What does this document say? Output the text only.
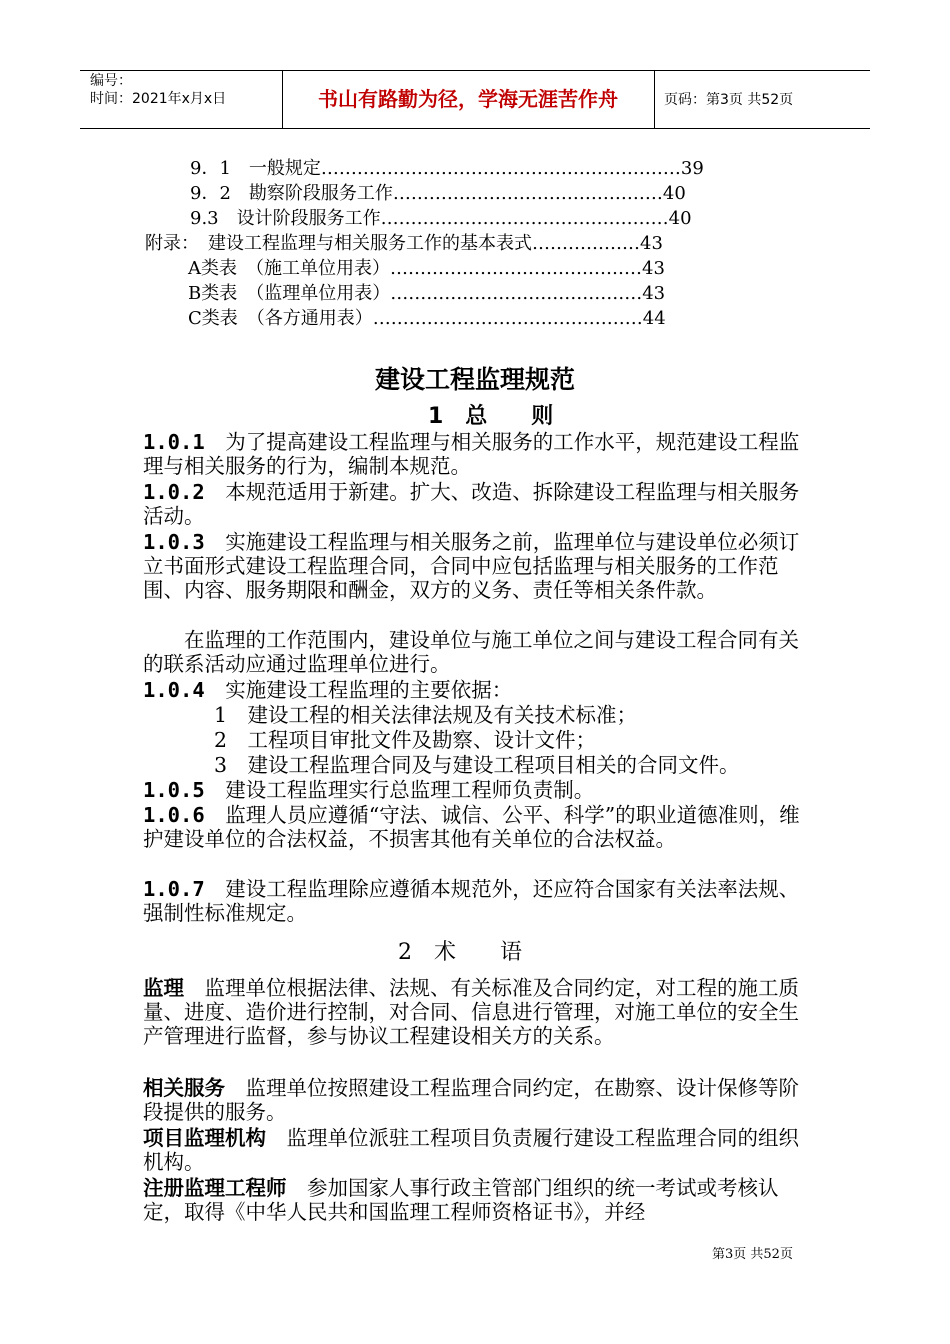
编号：
时间：2021年x月x日	书山有路勤为径，学海无涯苦作舟	页码：第3页 共52页
9．1　一般规定……………………………………………………39
9．2　勘察阶段服务工作………………………………………40
9.3　设计阶段服务工作…………………………………………40
附录：　建设工程监理与相关服务工作的基本表式………………43
A类表　（施工单位用表）……………………………………43
B类表　（监理单位用表）……………………………………43
C类表　（各方通用表）………………………………………44
建设工程监理规范
1　总　　则
1.0.1　 为了提高建设工程监理与相关服务的工作水平，规范建设工程监理与相关服务的行为，编制本规范。
1.0.2　 本规范适用于新建。扩大、改造、拆除建设工程监理与相关服务活动。
1.0.3　 实施建设工程监理与相关服务之前，监理单位与建设单位必须订立书面形式建设工程监理合同，合同中应包括监理与相关服务的工作范围、内容、服务期限和酬金，双方的义务、责任等相关条件款。
在监理的工作范围内，建设单位与施工单位之间与建设工程合同有关的联系活动应通过监理单位进行。
1.0.4　 实施建设工程监理的主要依据：
1　建设工程的相关法律法规及有关技术标准；
2　工程项目审批文件及勘察、设计文件；
3　建设工程监理合同及与建设工程项目相关的合同文件。
1.0.5　 建设工程监理实行总监理工程师负责制。
1.0.6　 监理人员应遵循“守法、诚信、公平、科学”的职业道德准则，维护建设单位的合法权益，不损害其他有关单位的合法权益。
1.0.7　 建设工程监理除应遵循本规范外，还应符合国家有关法率法规、强制性标准规定。
2　术　　语
监理　 监理单位根据法律、法规、有关标准及合同约定，对工程的施工质量、进度、造价进行控制，对合同、信息进行管理，对施工单位的安全生产管理进行监督，参与协议工程建设相关方的关系。
相关服务　 监理单位按照建设工程监理合同约定，在勘察、设计保修等阶段提供的服务。
项目监理机构　 监理单位派驻工程项目负责履行建设工程监理合同的组织机构。
注册监理工程师　 参加国家人事行政主管部门组织的统一考试或考核认定，取得《中华人民共和国监理工程师资格证书》，并经
第3页 共52页
